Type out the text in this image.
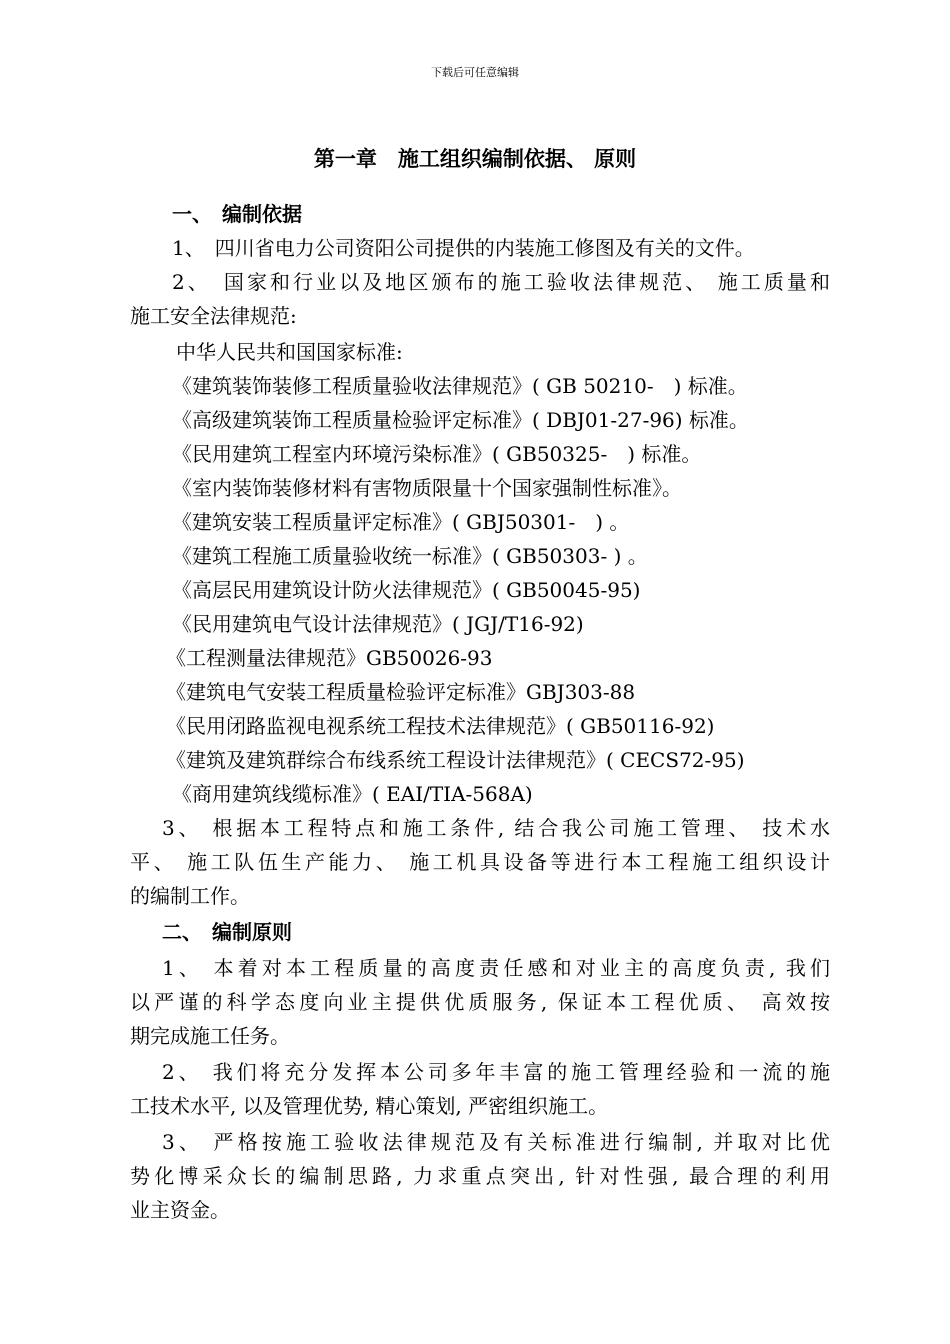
下载后可任意编辑
第一章　施工组织编制依据、 原则
一、　编制依据
1、　四川省电力公司资阳公司提供的内装施工修图及有关的文件。
2、　国家和行业以及地区颁布的施工验收法律规范、 施工质量和
施工安全法律规范:
中华人民共和国国家标准:
《建筑装饰装修工程质量验收法律规范》( GB 50210-　) 标准。
《高级建筑装饰工程质量检验评定标准》( DBJ01-27-96) 标准。
《民用建筑工程室内环境污染标准》( GB50325-　) 标准。
《室内装饰装修材料有害物质限量十个国家强制性标准》。
《建筑安装工程质量评定标准》( GBJ50301-　) 。
《建筑工程施工质量验收统一标准》( GB50303- ) 。
《高层民用建筑设计防火法律规范》( GB50045-95)
《民用建筑电气设计法律规范》( JGJ/T16-92)
《工程测量法律规范》GB50026-93
《建筑电气安装工程质量检验评定标准》GBJ303-88
《民用闭路监视电视系统工程技术法律规范》( GB50116-92)
《建筑及建筑群综合布线系统工程设计法律规范》( CECS72-95)
《商用建筑线缆标准》( EAI/TIA-568A)
3、 根据本工程特点和施工条件, 结合我公司施工管理、 技术水
平、 施工队伍生产能力、 施工机具设备等进行本工程施工组织设计
的编制工作。
二、　编制原则
1、 本着对本工程质量的高度责任感和对业主的高度负责, 我们
以严谨的科学态度向业主提供优质服务, 保证本工程优质、 高效按
期完成施工任务。
2、 我们将充分发挥本公司多年丰富的施工管理经验和一流的施
工技术水平, 以及管理优势, 精心策划, 严密组织施工。
3、 严格按施工验收法律规范及有关标准进行编制, 并取对比优
势化博采众长的编制思路, 力求重点突出, 针对性强, 最合理的利用
业主资金。
